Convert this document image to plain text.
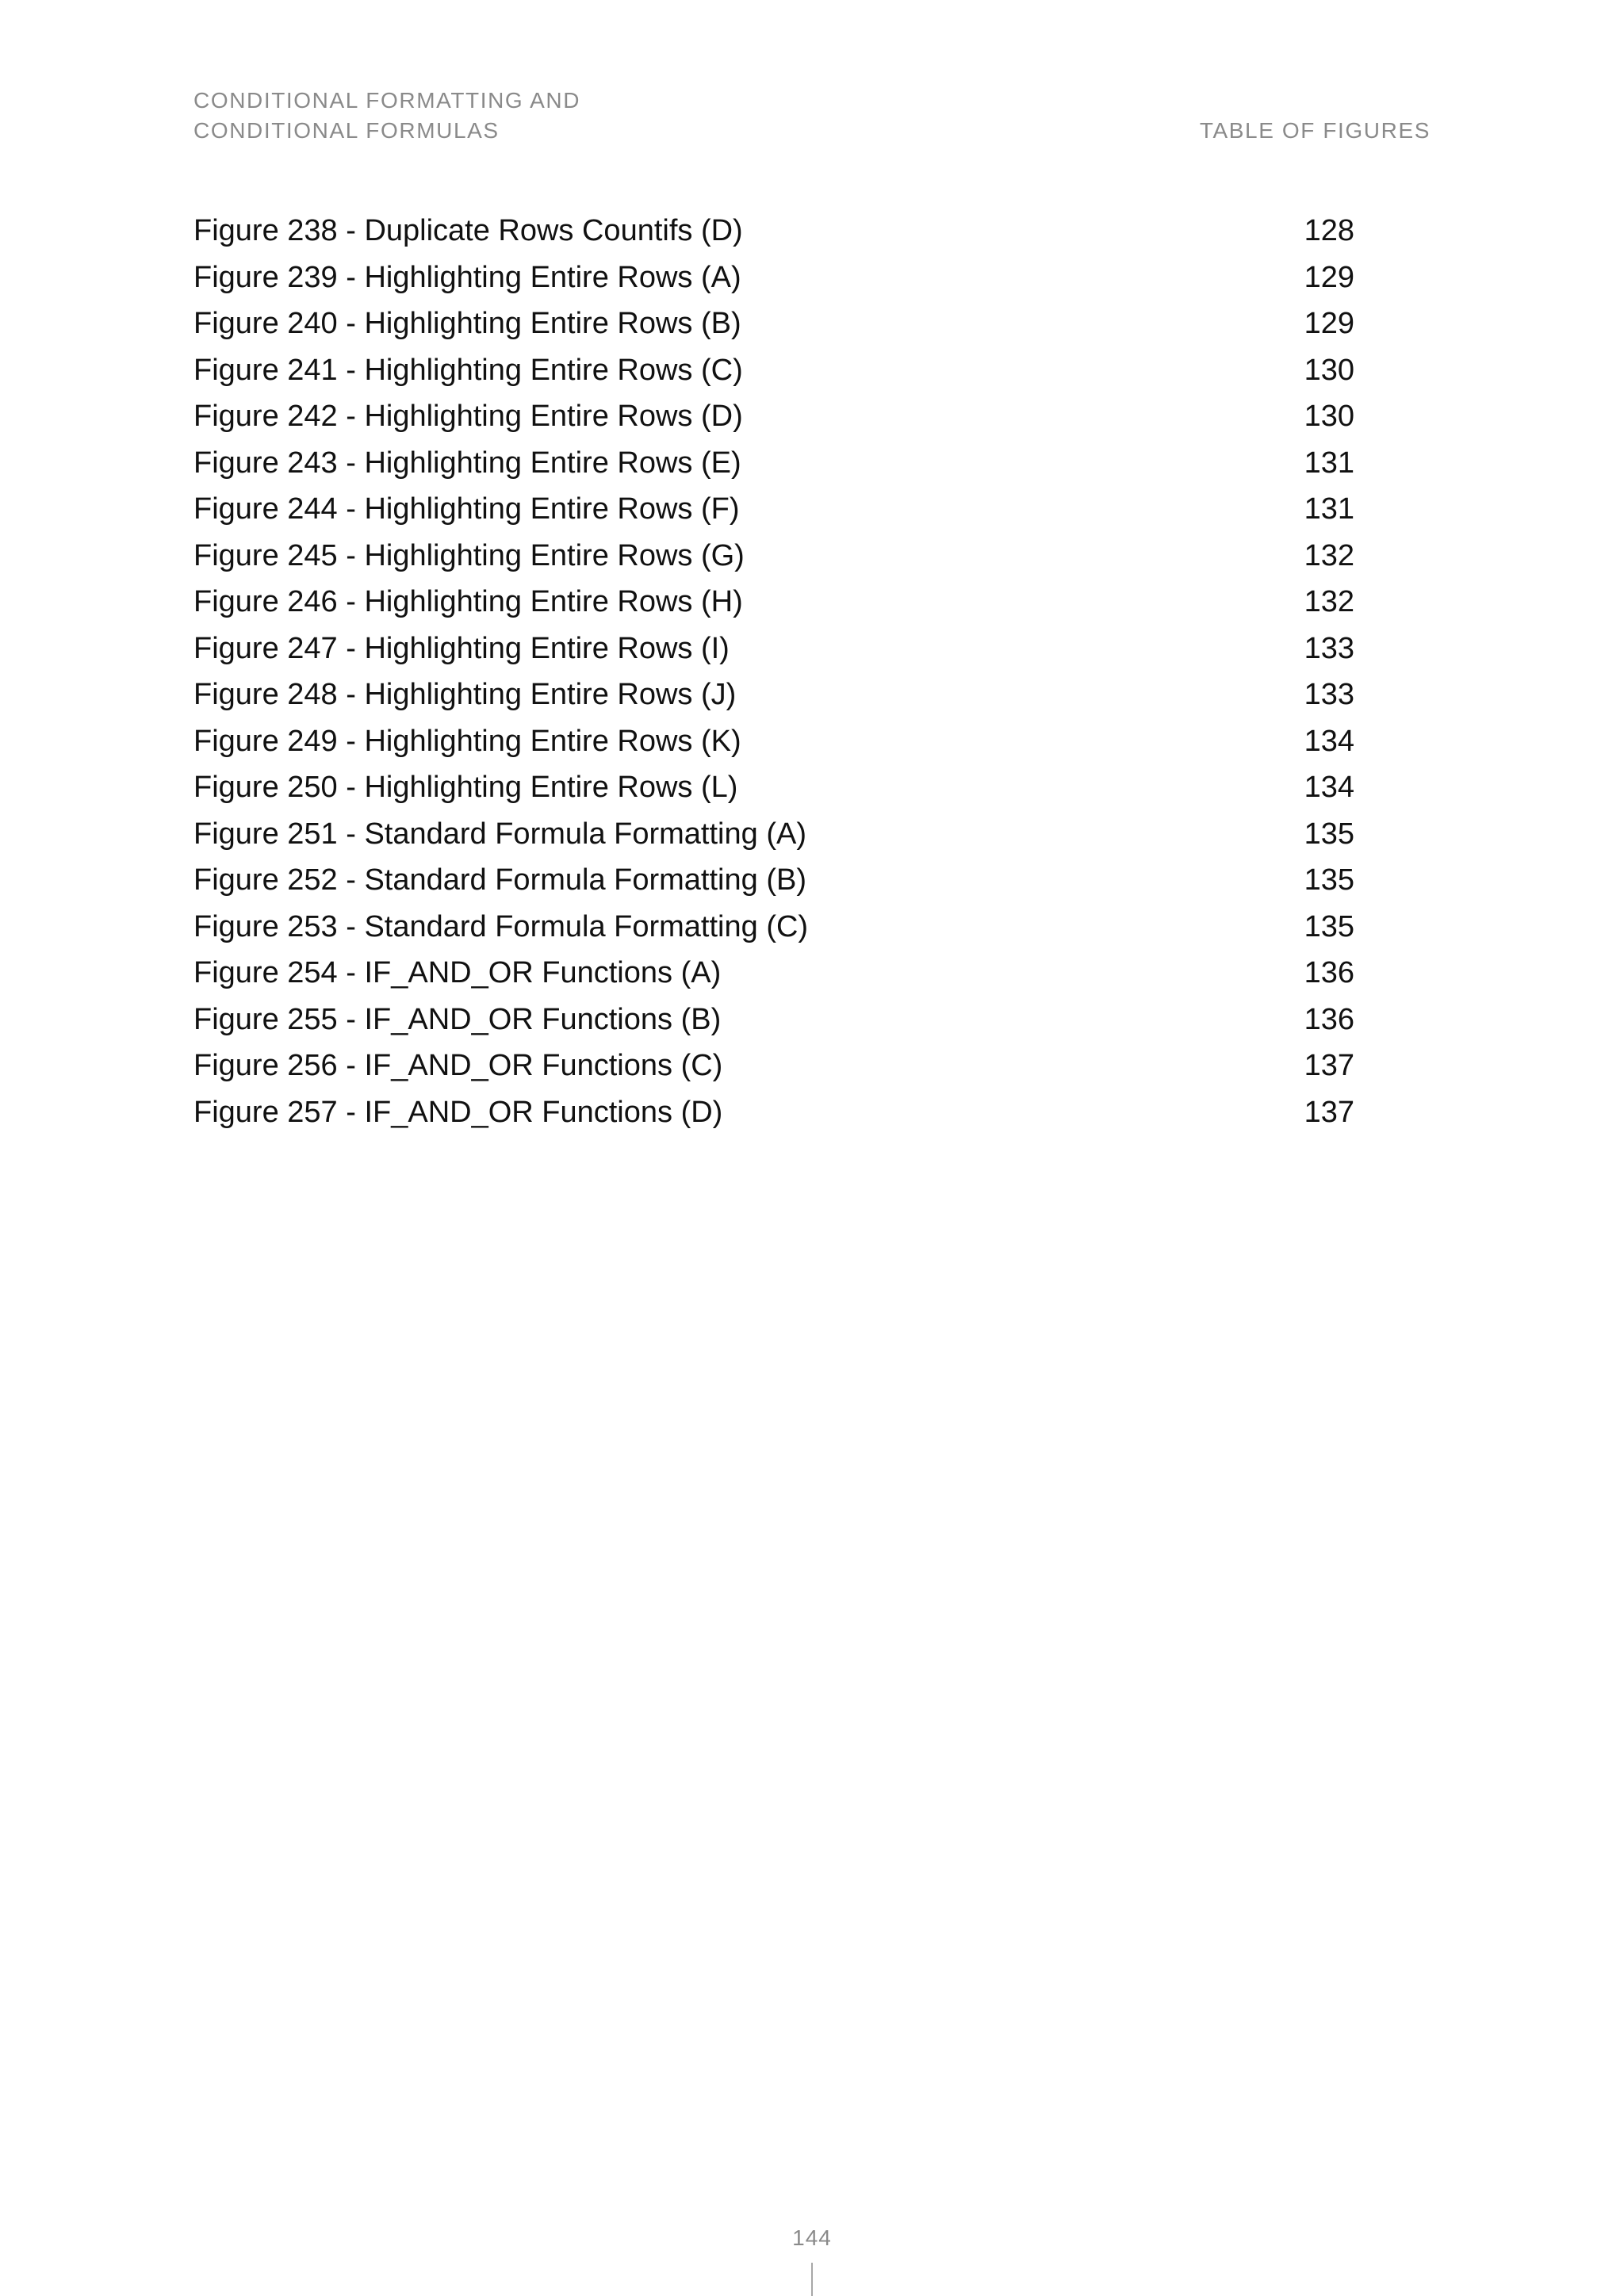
CONDITIONAL FORMATTING AND
CONDITIONAL FORMULAS	TABLE OF FIGURES
Figure 238 - Duplicate Rows Countifs (D)	128
Figure 239 - Highlighting Entire Rows (A)	129
Figure 240 - Highlighting Entire Rows (B)	129
Figure 241 - Highlighting Entire Rows (C)	130
Figure 242 - Highlighting Entire Rows (D)	130
Figure 243 - Highlighting Entire Rows (E)	131
Figure 244 - Highlighting Entire Rows (F)	131
Figure 245 - Highlighting Entire Rows (G)	132
Figure 246 - Highlighting Entire Rows (H)	132
Figure 247 - Highlighting Entire Rows (I)	133
Figure 248 - Highlighting Entire Rows (J)	133
Figure 249 - Highlighting Entire Rows (K)	134
Figure 250 - Highlighting Entire Rows (L)	134
Figure 251 - Standard Formula Formatting (A)	135
Figure 252 - Standard Formula Formatting (B)	135
Figure 253 - Standard Formula Formatting (C)	135
Figure 254 - IF_AND_OR Functions (A)	136
Figure 255 - IF_AND_OR Functions (B)	136
Figure 256 - IF_AND_OR Functions (C)	137
Figure 257 - IF_AND_OR Functions (D)	137
144
